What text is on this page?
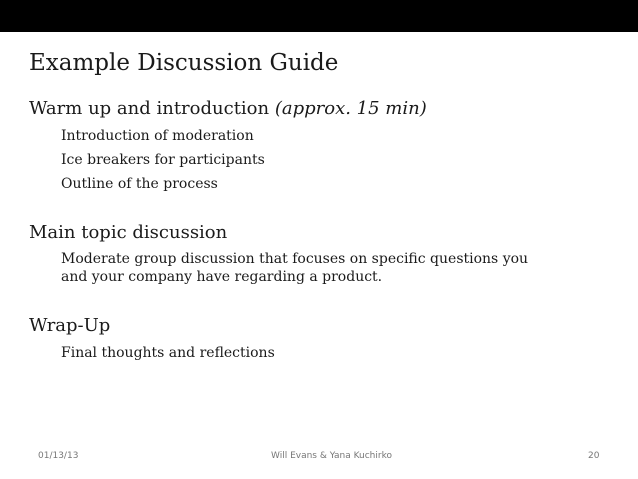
Example Discussion Guide
Warm up and introduction (approx. 15 min)
Introduction of moderation
Ice breakers for participants
Outline of the process
Main topic discussion
Moderate group discussion that focuses on specific questions you
and your company have regarding a product.
Wrap-Up
Final thoughts and reflections
01/13/13	Will Evans & Yana Kuchirko	20
